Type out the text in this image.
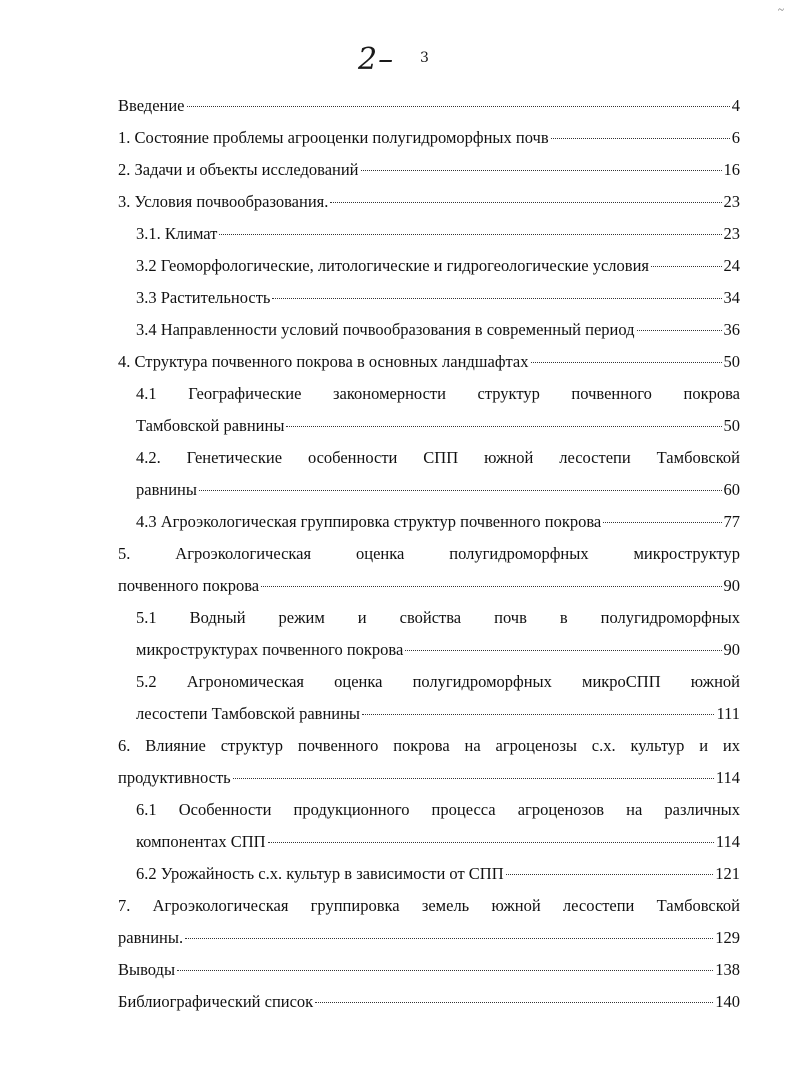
~
2– 3
Введение	4
1. Состояние проблемы агрооценки полугидроморфных почв	6
2. Задачи и объекты исследований	16
3. Условия почвообразования.	23
3.1. Климат	23
3.2 Геоморфологические, литологические и гидрогеологические условия	24
3.3 Растительность	34
3.4 Направленности условий почвообразования в современный период	36
4. Структура почвенного покрова в основных ландшафтах	50
4.1 Географические закономерности структур почвенного покрова
Тамбовской равнины	50
4.2. Генетические особенности СПП южной лесостепи Тамбовской
равнины	60
4.3 Агроэкологическая группировка структур почвенного покрова	77
5. Агроэкологическая оценка полугидроморфных микроструктур
почвенного покрова	90
5.1 Водный режим и свойства почв в полугидроморфных
микроструктурах почвенного покрова	90
5.2 Агрономическая оценка полугидроморфных микроСПП южной
лесостепи Тамбовской равнины	111
6. Влияние структур почвенного покрова на агроценозы с.х. культур и их
продуктивность	114
6.1 Особенности продукционного процесса агроценозов на различных
компонентах СПП	114
6.2 Урожайность с.х. культур в зависимости от СПП	121
7. Агроэкологическая группировка земель южной лесостепи Тамбовской
равнины.	129
Выводы	138
Библиографический список	140
